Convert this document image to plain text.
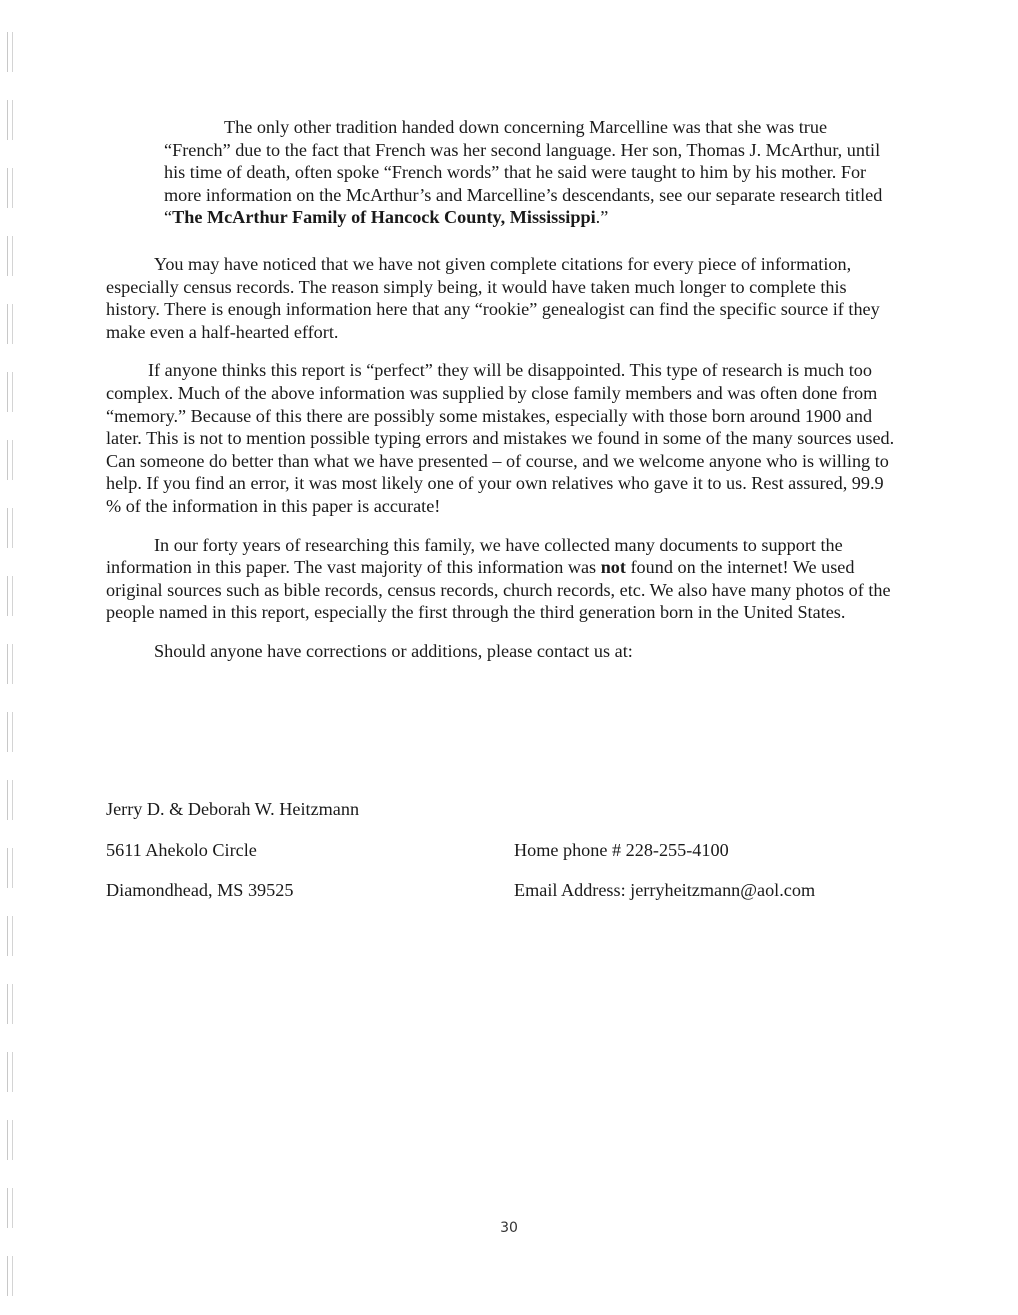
The only other tradition handed down concerning Marcelline was that she was true “French” due to the fact that French was her second language. Her son, Thomas J. McArthur, until his time of death, often spoke “French words” that he said were taught to him by his mother. For more information on the McArthur’s and Marcelline’s descendants, see our separate research titled “The McArthur Family of Hancock County, Mississippi.”

You may have noticed that we have not given complete citations for every piece of information, especially census records. The reason simply being, it would have taken much longer to complete this history. There is enough information here that any “rookie” genealogist can find the specific source if they make even a half-hearted effort.

If anyone thinks this report is “perfect” they will be disappointed. This type of research is much too complex. Much of the above information was supplied by close family members and was often done from “memory.” Because of this there are possibly some mistakes, especially with those born around 1900 and later. This is not to mention possible typing errors and mistakes we found in some of the many sources used. Can someone do better than what we have presented – of course, and we welcome anyone who is willing to help. If you find an error, it was most likely one of your own relatives who gave it to us. Rest assured, 99.9 % of the information in this paper is accurate!

In our forty years of researching this family, we have collected many documents to support the information in this paper. The vast majority of this information was not found on the internet! We used original sources such as bible records, census records, church records, etc. We also have many photos of the people named in this report, especially the first through the third generation born in the United States.

Should anyone have corrections or additions, please contact us at:

Jerry D. & Deborah W. Heitzmann
5611 Ahekolo Circle
Diamondhead, MS 39525
Home phone # 228-255-4100
Email Address: jerryheitzmann@aol.com
30
